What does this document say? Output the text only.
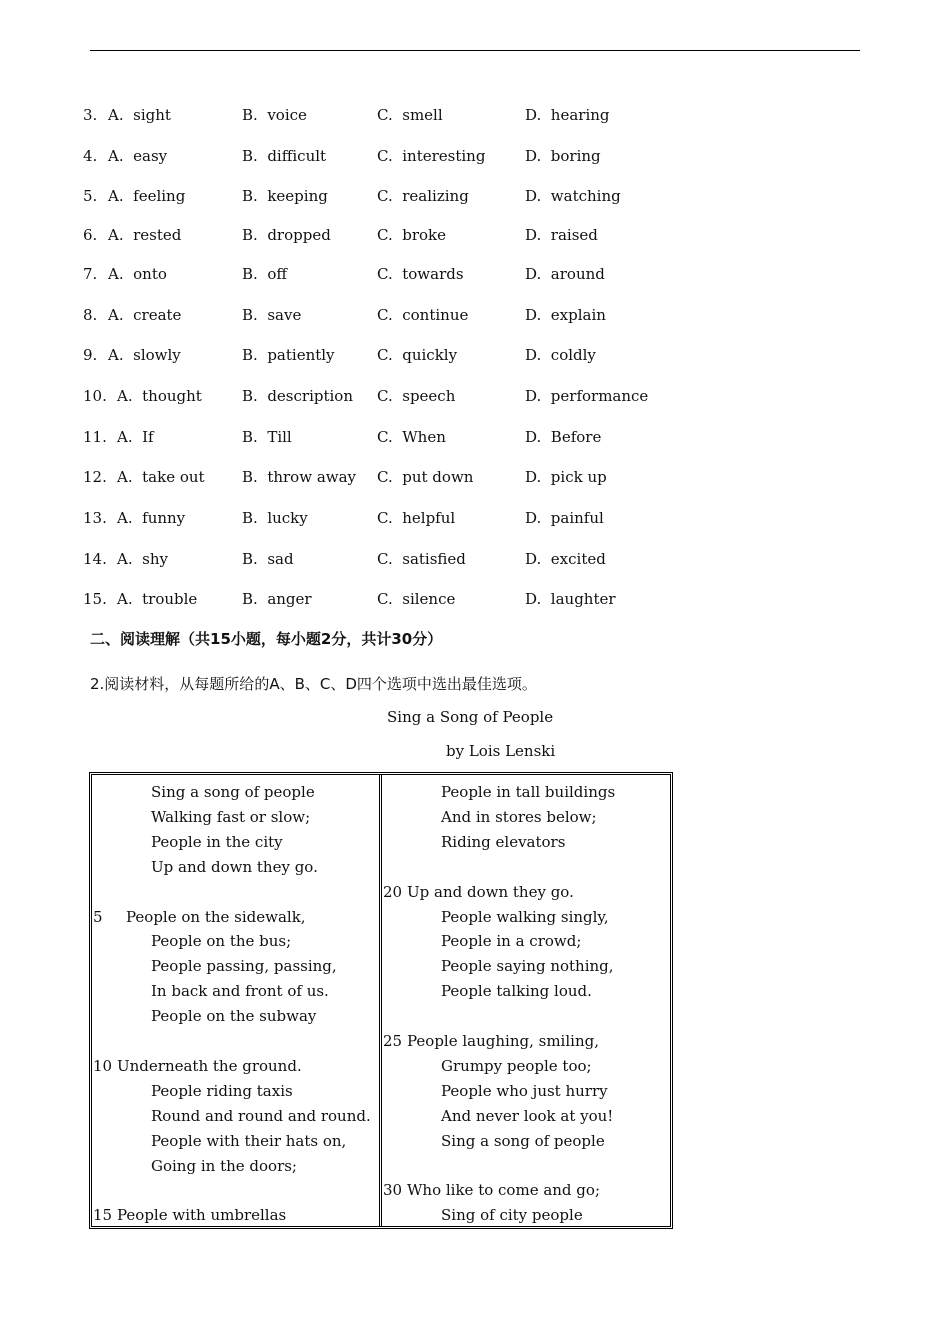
3. A.  sight	B.  voice	C.  smell	D.  hearing
4. A.  easy	B.  difficult	C.  interesting	D.  boring
5. A.  feeling	B.  keeping	C.  realizing	D.  watching
6. A.  rested	B.  dropped	C.  broke	D.  raised
7. A.  onto	B.  off	C.  towards	D.  around
8. A.  create	B.  save	C.  continue	D.  explain
9. A.  slowly	B.  patiently	C.  quickly	D.  coldly
10. A.  thought	B.  description C.  speech	D.  performance
11. A.  If	B.  Till	C.  When	D.  Before
12. A.  take out B.  throw away C.  put down	D.  pick up
13. A.  funny	B.  lucky	C.  helpful	D.  painful
14. A.  shy	B.  sad	C.  satisfied	D.  excited
15. A.  trouble	B.  anger	C.  silence	D.  laughter
二、阅读理解（共15小题，每小题2分，共计30分）
2.阅读材料，从每题所给的A、B、C、D四个选项中选出最佳选项。
Sing a Song of People
by Lois Lenski
Sing a song of people
Walking fast or slow;
People in the city
Up and down they go.
5 People on the sidewalk,
People on the bus;
People passing, passing,
In back and front of us.
People on the subway
10 Underneath the ground.
People riding taxis
Round and round and round.
People with their hats on,
Going in the doors;
15 People with umbrellas
People in tall buildings
And in stores below;
Riding elevators
20 Up and down they go.
People walking singly,
People in a crowd;
People saying nothing,
People talking loud.
25 People laughing, smiling,
Grumpy people too;
People who just hurry
And never look at you!
Sing a song of people
30 Who like to come and go;
Sing of city people
